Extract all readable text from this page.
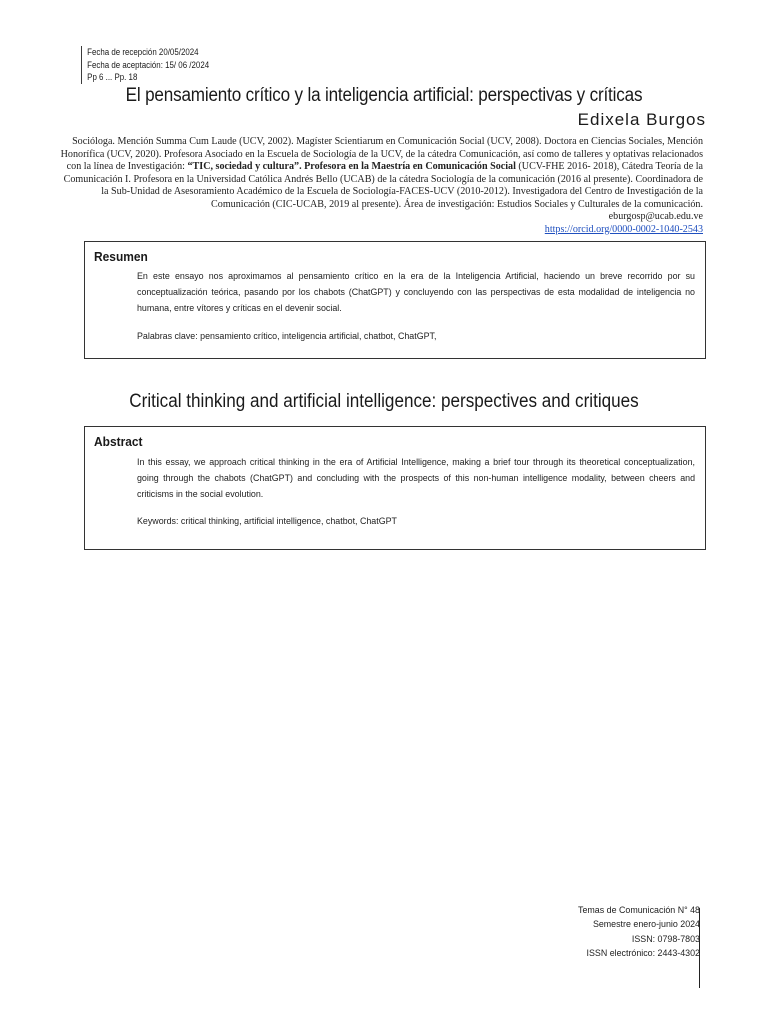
Fecha de recepción 20/05/2024
Fecha de aceptación: 15/ 06 /2024
Pp 6 ... Pp. 18
El pensamiento crítico y la inteligencia artificial: perspectivas y críticas
Edixela Burgos
Socióloga. Mención Summa Cum Laude (UCV, 2002). Magíster Scientiarum en Comunicación Social (UCV, 2008). Doctora en Ciencias Sociales, Mención Honorífica (UCV, 2020). Profesora Asociado en la Escuela de Sociología de la UCV, de la cátedra Comunicación, así como de talleres y optativas relacionados con la línea de Investigación: “TIC, sociedad y cultura”. Profesora en la Maestría en Comunicación Social (UCV-FHE 2016- 2018), Cátedra Teoría de la Comunicación I. Profesora en la Universidad Católica Andrés Bello (UCAB) de la cátedra Sociología de la comunicación (2016 al presente). Coordinadora de la Sub-Unidad de Asesoramiento Académico de la Escuela de Sociología-FACES-UCV (2010-2012). Investigadora del Centro de Investigación de la Comunicación (CIC-UCAB, 2019 al presente). Área de investigación: Estudios Sociales y Culturales de la comunicación.
eburgosp@ucab.edu.ve
https://orcid.org/0000-0002-1040-2543
Resumen
En este ensayo nos aproximamos al pensamiento crítico en la era de la Inteligencia Artificial, haciendo un breve recorrido por su conceptualización teórica, pasando por los chabots (ChatGPT) y concluyendo con las perspectivas de esta modalidad de inteligencia no humana, entre vítores y críticas en el devenir social.
Palabras clave: pensamiento crítico, inteligencia artificial, chatbot, ChatGPT,
Critical thinking and artificial intelligence: perspectives and critiques
Abstract
In this essay, we approach critical thinking in the era of Artificial Intelligence, making a brief tour through its theoretical conceptualization, going through the chabots (ChatGPT) and concluding with the prospects of this non-human intelligence modality, between cheers and criticisms in the social evolution.
Keywords: critical thinking, artificial intelligence, chatbot, ChatGPT
Temas de Comunicación N° 48
Semestre enero-junio 2024
ISSN: 0798-7803
ISSN electrónico: 2443-4302
